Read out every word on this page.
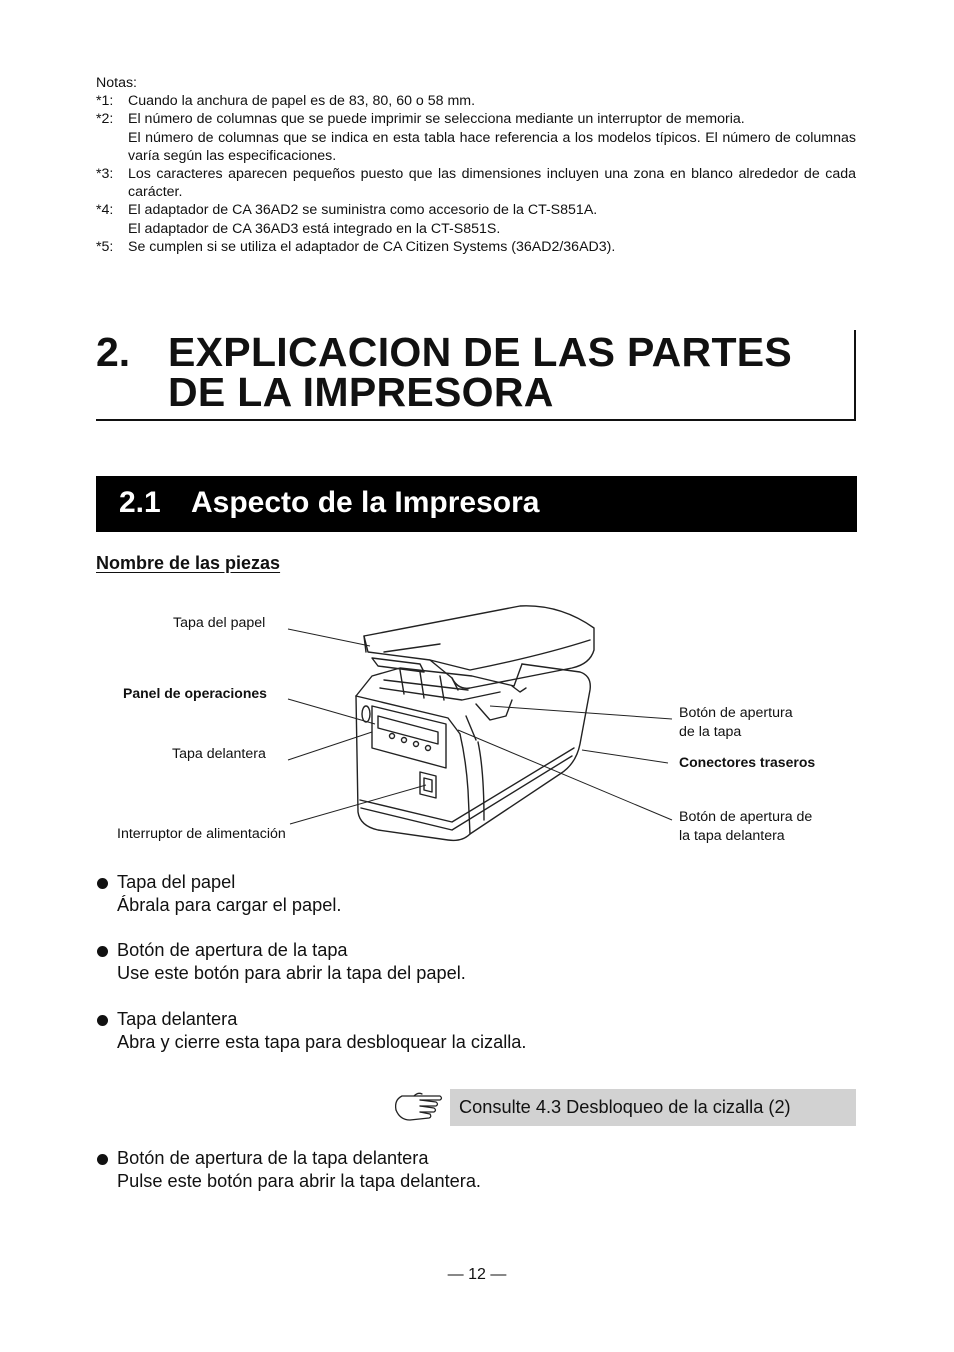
Notas:
*1:	Cuando la anchura de papel es de 83, 80, 60 o 58 mm.

*2:	El número de columnas que se puede imprimir se selecciona mediante un interruptor de memoria.

El número de columnas que se indica en esta tabla hace referencia a los modelos típicos. El número de columnas varía según las especificaciones.

*3:	Los caracteres aparecen pequeños puesto que las dimensiones incluyen una zona en blanco alrededor de cada carácter.

*4:	El adaptador de CA 36AD2 se suministra como accesorio de la CT-S851A.

El adaptador de CA 36AD3 está integrado en la CT-S851S.

*5:	Se cumplen si se utiliza el adaptador de CA Citizen Systems (36AD2/36AD3).

2. EXPLICACION DE LAS PARTES
DE LA IMPRESORA
2.1 Aspecto de la Impresora
Nombre de las piezas
Tapa del papel
Panel de operaciones
Tapa delantera
Interruptor de alimentación
Botón de apertura
de la tapa
Conectores traseros
Botón de apertura de
la tapa delantera
Tapa del papel
Ábrala para cargar el papel.
Botón de apertura de la tapa
Use este botón para abrir la tapa del papel.
Tapa delantera
Abra y cierre esta tapa para desbloquear la cizalla.
Consulte 4.3 Desbloqueo de la cizalla (2)
Botón de apertura de la tapa delantera
Pulse este botón para abrir la tapa delantera.
— 12 —
